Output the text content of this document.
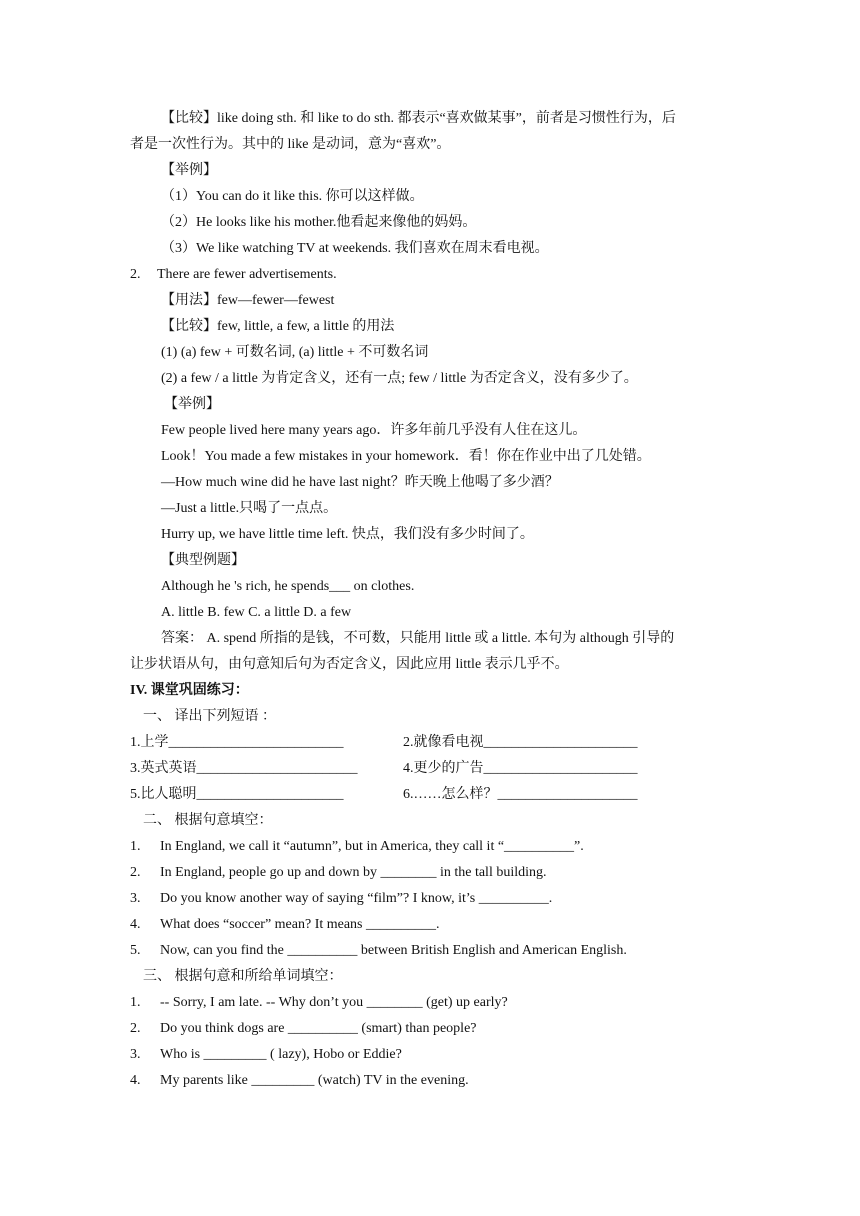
【比较】like doing sth. 和 like to do sth. 都表示“喜欢做某事”，前者是习惯性行为，后
者是一次性行为。其中的 like 是动词，意为“喜欢”。
【举例】
（1）You can do it like this. 你可以这样做。
（2）He looks like his mother.他看起来像他的妈妈。
（3）We like watching TV at weekends. 我们喜欢在周末看电视。
2. There are fewer advertisements.
【用法】few—fewer—fewest
【比较】few, little, a few, a little 的用法
(1) (a) few + 可数名词, (a) little + 不可数名词
(2) a few / a little 为肯定含义，还有一点; few / little 为否定含义，没有多少了。
【举例】
Few people lived here many years ago．许多年前几乎没有人住在这儿。
Look！You made a few mistakes in your homework．看！你在作业中出了几处错。
—How much wine did he have last night？昨天晚上他喝了多少酒？
—Just a little.只喝了一点点。
Hurry up, we have little time left. 快点，我们没有多少时间了。
【典型例题】
Although he 's rich, he spends___ on clothes.
A. little B. few C. a little D. a few
答案： A. spend 所指的是钱，不可数，只能用 little 或 a little. 本句为 although 引导的
让步状语从句，由句意知后句为否定含义，因此应用 little 表示几乎不。
IV. 课堂巩固练习：
一、 译出下列短语 ：
1.上学_________________________	2.就像看电视______________________
3.英式英语_______________________	4.更少的广告______________________
5.比人聪明_____________________	6.……怎么样？____________________
二、 根据句意填空：
1. In England, we call it “autumn”, but in America, they call it “__________”.
2. In England, people go up and down by ________ in the tall building.
3. Do you know another way of saying “film”? I know, it’s __________.
4. What does “soccer” mean? It means __________.
5. Now, can you find the __________ between British English and American English.
三、 根据句意和所给单词填空：
1. -- Sorry, I am late. -- Why don’t you ________ (get) up early?
2. Do you think dogs are __________ (smart) than people?
3. Who is _________ ( lazy), Hobo or Eddie?
4. My parents like _________ (watch) TV in the evening.
